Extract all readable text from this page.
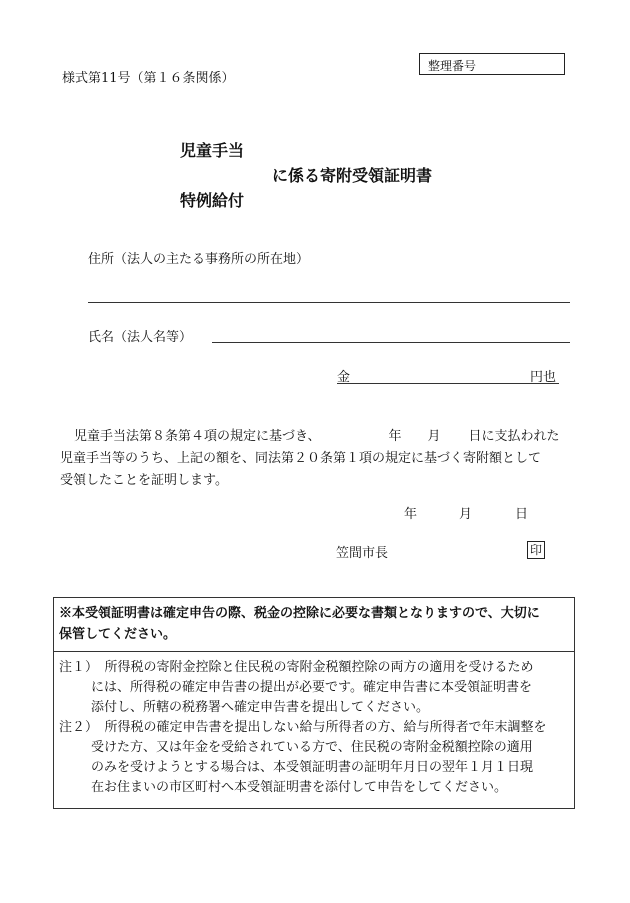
様式第11号（第１６条関係）
整理番号
児童手当
に係る寄附受領証明書
特例給付
住所（法人の主たる事務所の所在地）
氏名（法人名等）
金	円也
児童手当法第８条第４項の規定に基づき、	年 月 日に支払われた
児童手当等のうち、上記の額を、同法第２０条第１項の規定に基づく寄附額として
受領したことを証明します。
年	月	日
笠間市長	印
※本受領証明書は確定申告の際、税金の控除に必要な書類となりますので、大切に
保管してください。
注１）　所得税の寄附金控除と住民税の寄附金税額控除の両方の適用を受けるため
には、所得税の確定申告書の提出が必要です。確定申告書に本受領証明書を
添付し、所轄の税務署へ確定申告書を提出してください。
注２）　所得税の確定申告書を提出しない給与所得者の方、給与所得者で年末調整を
受けた方、又は年金を受給されている方で、住民税の寄附金税額控除の適用
のみを受けようとする場合は、本受領証明書の証明年月日の翌年１月１日現
在お住まいの市区町村へ本受領証明書を添付して申告をしてください。
